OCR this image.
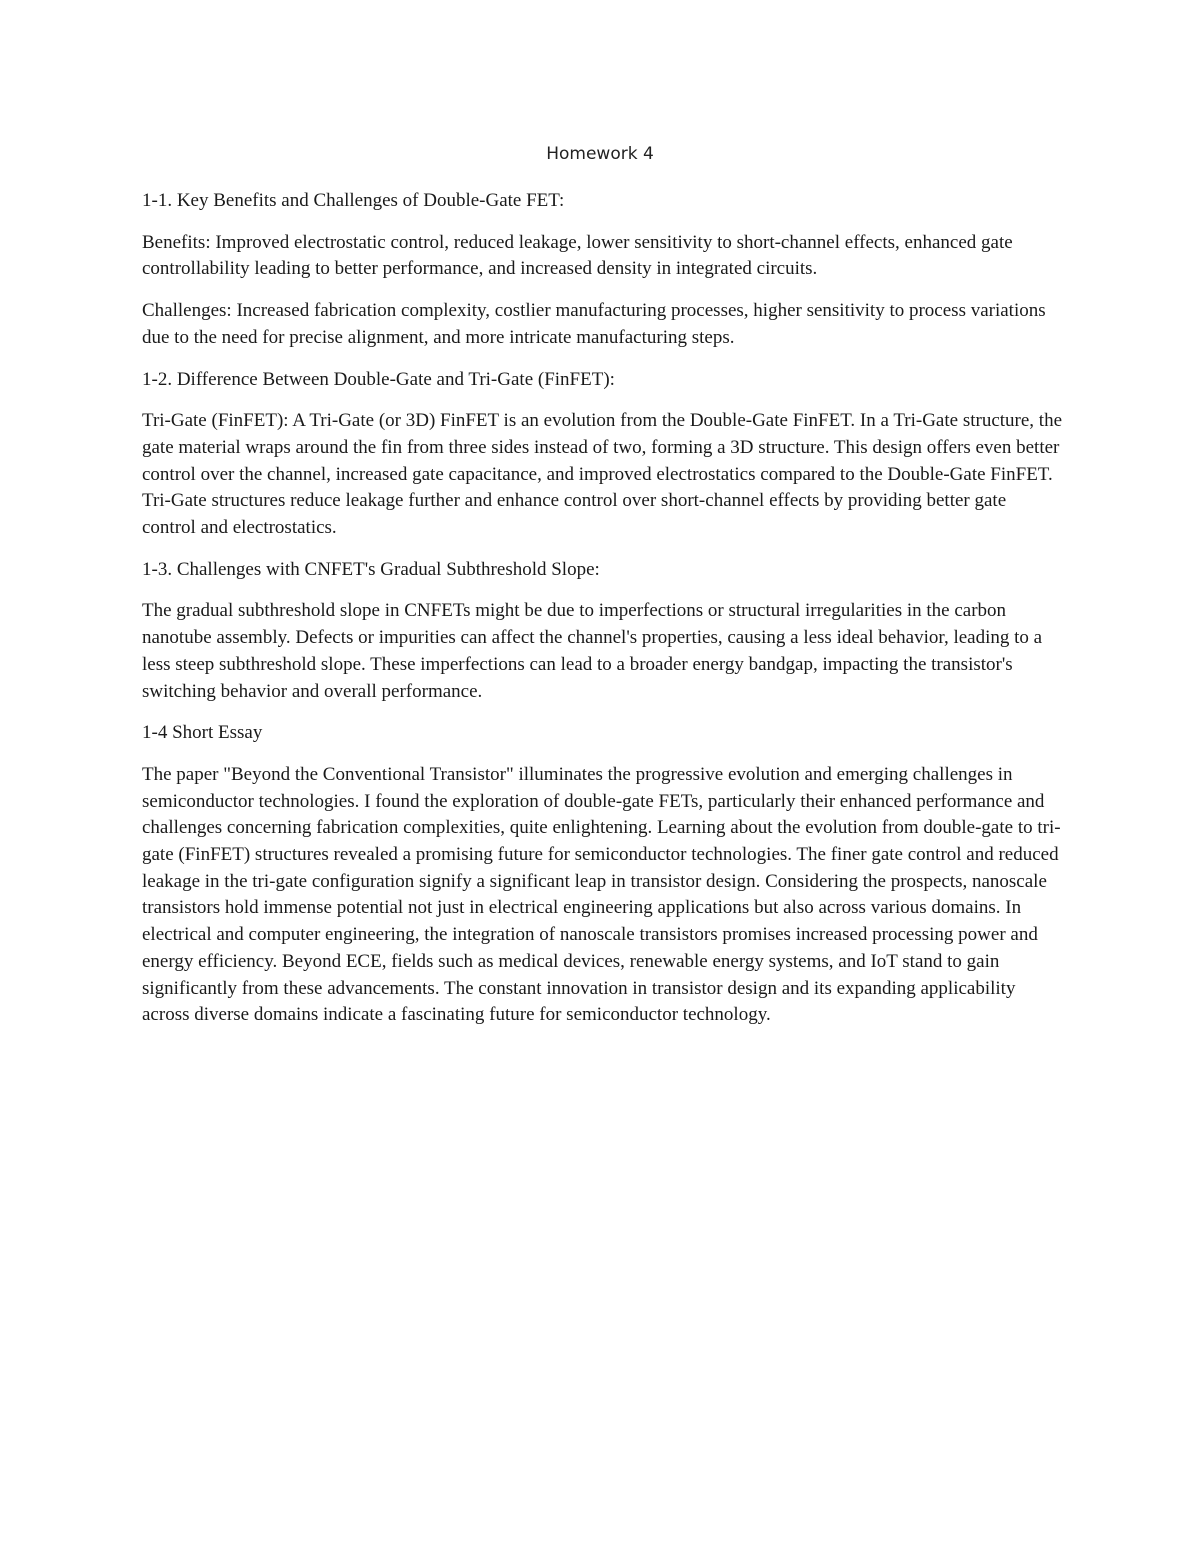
Homework 4

1-1. Key Benefits and Challenges of Double-Gate FET:

Benefits: Improved electrostatic control, reduced leakage, lower sensitivity to short-channel effects, enhanced gate controllability leading to better performance, and increased density in integrated circuits.

Challenges: Increased fabrication complexity, costlier manufacturing processes, higher sensitivity to process variations due to the need for precise alignment, and more intricate manufacturing steps.

1-2. Difference Between Double-Gate and Tri-Gate (FinFET):

Tri-Gate (FinFET): A Tri-Gate (or 3D) FinFET is an evolution from the Double-Gate FinFET. In a Tri-Gate structure, the gate material wraps around the fin from three sides instead of two, forming a 3D structure. This design offers even better control over the channel, increased gate capacitance, and improved electrostatics compared to the Double-Gate FinFET. Tri-Gate structures reduce leakage further and enhance control over short-channel effects by providing better gate control and electrostatics.

1-3. Challenges with CNFET's Gradual Subthreshold Slope:

The gradual subthreshold slope in CNFETs might be due to imperfections or structural irregularities in the carbon nanotube assembly. Defects or impurities can affect the channel's properties, causing a less ideal behavior, leading to a less steep subthreshold slope. These imperfections can lead to a broader energy bandgap, impacting the transistor's switching behavior and overall performance.

1-4 Short Essay

The paper "Beyond the Conventional Transistor" illuminates the progressive evolution and emerging challenges in semiconductor technologies. I found the exploration of double-gate FETs, particularly their enhanced performance and challenges concerning fabrication complexities, quite enlightening. Learning about the evolution from double-gate to tri-gate (FinFET) structures revealed a promising future for semiconductor technologies. The finer gate control and reduced leakage in the tri-gate configuration signify a significant leap in transistor design. Considering the prospects, nanoscale transistors hold immense potential not just in electrical engineering applications but also across various domains. In electrical and computer engineering, the integration of nanoscale transistors promises increased processing power and energy efficiency. Beyond ECE, fields such as medical devices, renewable energy systems, and IoT stand to gain significantly from these advancements. The constant innovation in transistor design and its expanding applicability across diverse domains indicate a fascinating future for semiconductor technology.
